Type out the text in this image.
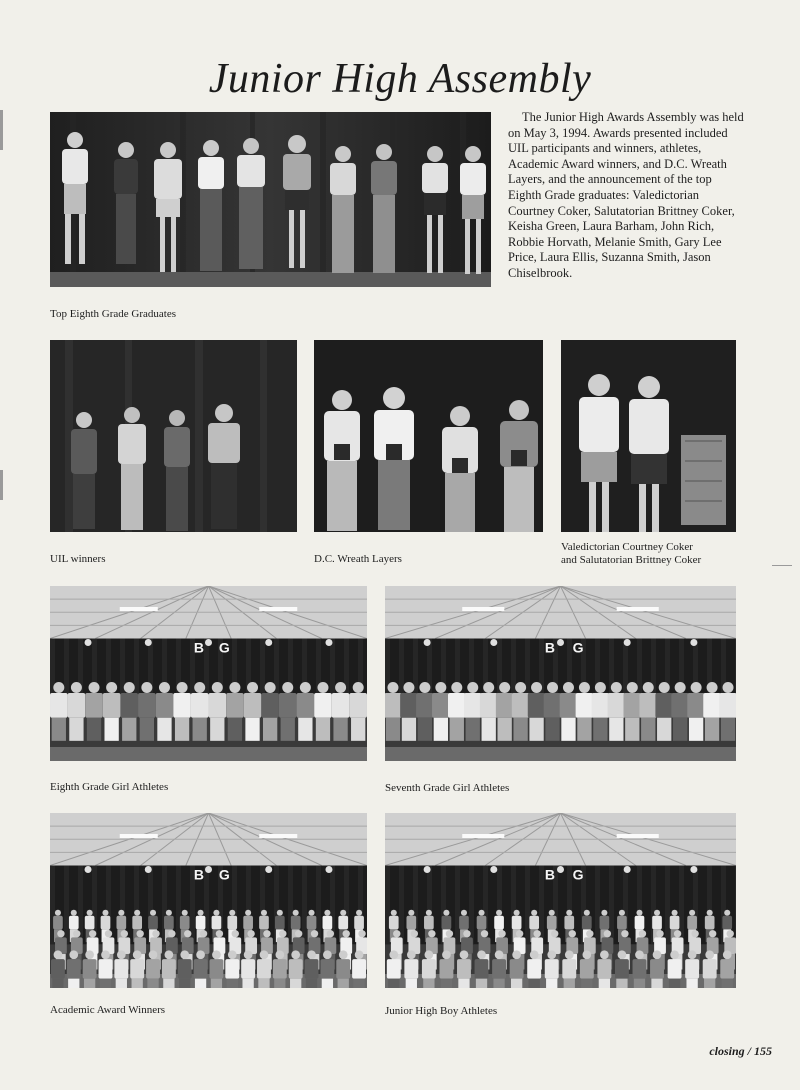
Junior High Assembly
Top Eighth Grade Graduates
The Junior High Awards Assembly was held on May 3, 1994. Awards presented included UIL participants and winners, athletes, Academic Award winners, and D.C. Wreath Layers, and the announcement of the top Eighth Grade graduates: Valedictorian Courtney Coker, Salutatorian Brittney Coker, Keisha Green, Laura Barham, John Rich, Robbie Horvath, Melanie Smith, Gary Lee Price, Laura Ellis, Suzanna Smith, Jason Chiselbrook.
UIL winners	D.C. Wreath Layers
Valedictorian Courtney Coker
and Salutatorian Brittney Coker
B G
Eighth Grade Girl Athletes
B G
Seventh Grade Girl Athletes
B G
Academic Award Winners
B G
Junior High Boy Athletes
closing / 155
